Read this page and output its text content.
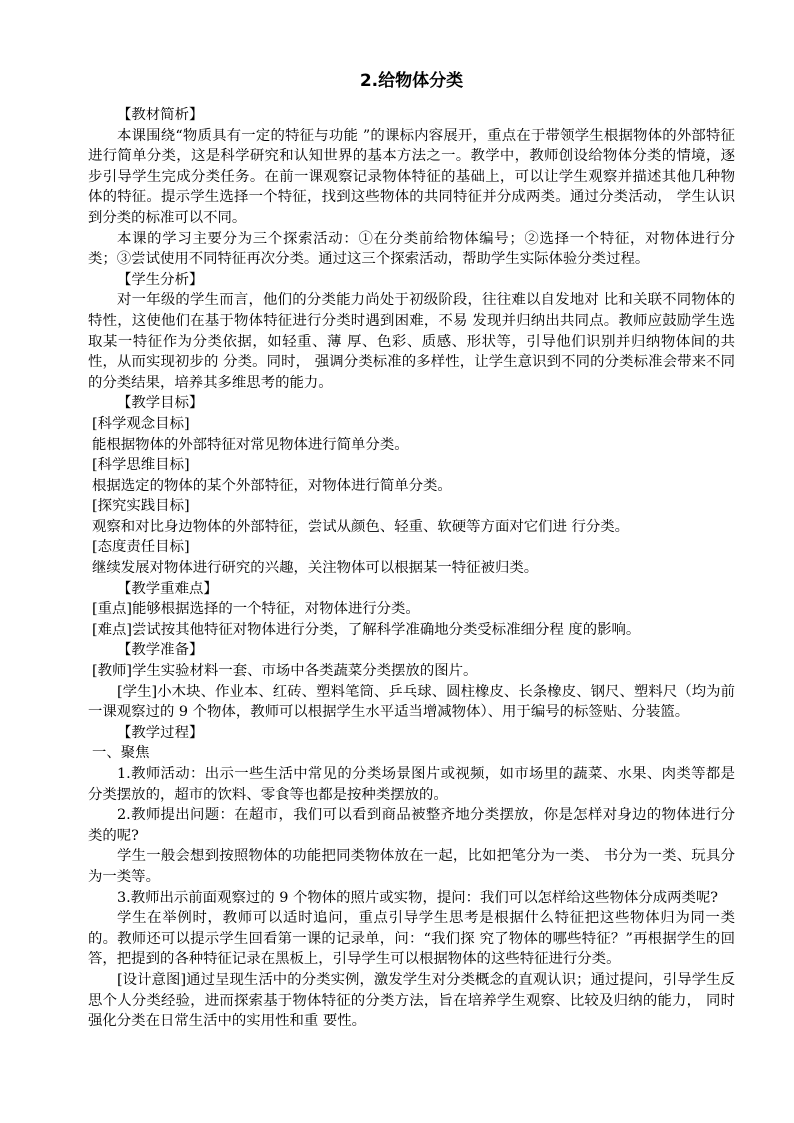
2.给物体分类
【教材简析】
本课围绕“物质具有一定的特征与功能 ”的课标内容展开，重点在于带领学生根据物体的外部特征进行简单分类，这是科学研究和认知世界的基本方法之一。教学中，教师创设给物体分类的情境，逐步引导学生完成分类任务。在前一课观察记录物体特征的基础上，可以让学生观察并描述其他几种物体的特征。提示学生选择一个特征，找到这些物体的共同特征并分成两类。通过分类活动， 学生认识到分类的标准可以不同。
本课的学习主要分为三个探索活动：①在分类前给物体编号；②选择一个特征，对物体进行分类；③尝试使用不同特征再次分类。通过这三个探索活动，帮助学生实际体验分类过程。
【学生分析】
对一年级的学生而言，他们的分类能力尚处于初级阶段，往往难以自发地对 比和关联不同物体的特性，这使他们在基于物体特征进行分类时遇到困难，不易 发现并归纳出共同点。教师应鼓励学生选取某一特征作为分类依据，如轻重、薄 厚、色彩、质感、形状等，引导他们识别并归纳物体间的共性，从而实现初步的 分类。同时， 强调分类标准的多样性，让学生意识到不同的分类标准会带来不同的分类结果，培养其多维思考的能力。
【教学目标】
[科学观念目标]
能根据物体的外部特征对常见物体进行简单分类。
[科学思维目标]
根据选定的物体的某个外部特征，对物体进行简单分类。
[探究实践目标]
观察和对比身边物体的外部特征，尝试从颜色、轻重、软硬等方面对它们进 行分类。
[态度责任目标]
继续发展对物体进行研究的兴趣，关注物体可以根据某一特征被归类。
【教学重难点】
[重点]能够根据选择的一个特征，对物体进行分类。
[难点]尝试按其他特征对物体进行分类，了解科学准确地分类受标准细分程 度的影响。
【教学准备】
[教师]学生实验材料一套、市场中各类蔬菜分类摆放的图片。
[学生]小木块、作业本、红砖、塑料笔筒、乒乓球、圆柱橡皮、长条橡皮、钢尺、塑料尺（均为前一课观察过的 9 个物体，教师可以根据学生水平适当增减物体）、用于编号的标签贴、分装篮。
【教学过程】
一、聚焦
1.教师活动：出示一些生活中常见的分类场景图片或视频，如市场里的蔬菜、水果、肉类等都是分类摆放的，超市的饮料、零食等也都是按种类摆放的。
2.教师提出问题：在超市，我们可以看到商品被整齐地分类摆放，你是怎样对身边的物体进行分类的呢?
学生一般会想到按照物体的功能把同类物体放在一起，比如把笔分为一类、 书分为一类、玩具分为一类等。
3.教师出示前面观察过的 9 个物体的照片或实物，提问：我们可以怎样给这些物体分成两类呢?
学生在举例时，教师可以适时追问，重点引导学生思考是根据什么特征把这些物体归为同一类的。教师还可以提示学生回看第一课的记录单，问：“我们探 究了物体的哪些特征？”再根据学生的回答，把提到的各种特征记录在黑板上，引导学生可以根据物体的这些特征进行分类。
[设计意图]通过呈现生活中的分类实例，激发学生对分类概念的直观认识；通过提问，引导学生反思个人分类经验，进而探索基于物体特征的分类方法，旨在培养学生观察、比较及归纳的能力， 同时强化分类在日常生活中的实用性和重 要性。
